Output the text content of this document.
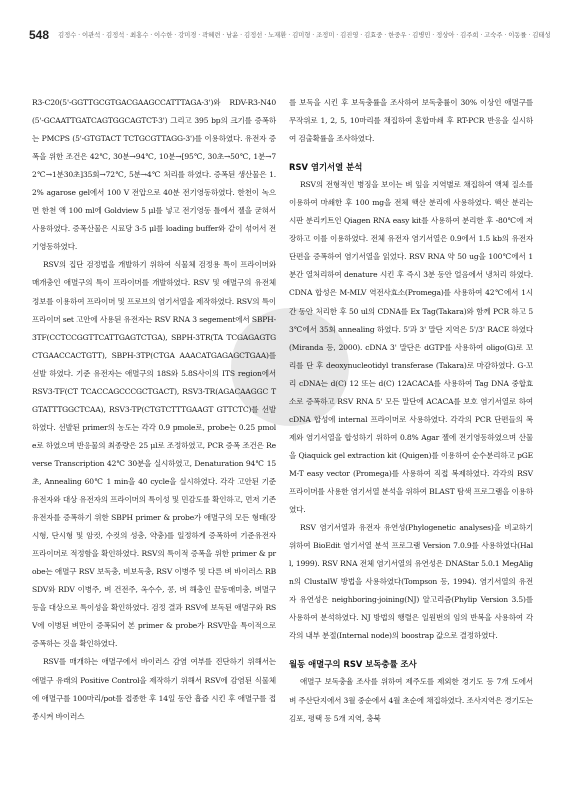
548 김정수 · 이관석 · 김정석 · 최홍수 · 이수한 · 강미경 · 곽혜련 · 남윤 · 김정선 · 노재환 · 김미형 · 조정미 · 김진영 · 김효중 · 한중우 · 김병민 · 정상아 · 김주희 · 고숙주 · 이동률 · 김태성

R3-C20(5'-GGTTGCGTGACGAAGCCATTTAGA-3')와 RDV-R3-N40(5'-GCAATTGATCAGTGGCAGTCT-3') 그리고 395 bp의 크기를 증폭하는 PMCPS (5'-GTGTACT TCTGCGTTAGG-3')를 이용하였다. 유전자 증폭을 위한 조건은 42℃, 30분→94℃, 10분→[95℃, 30초→50℃, 1분→72℃→1분30초]35회→72℃, 5분→4℃ 처리를 하였다. 증폭된 생산물은 1.2% agarose gel에서 100 V 전압으로 40분 전기영동하였다. 한천이 녹으면 한천 액 100 ml에 Goldview 5 μl를 넣고 전기영동 틀에서 젤을 굳혀서 사용하였다. 증폭산물은 시료당 3-5 μl를 loading buffer와 같이 섞어서 전기영동하였다.

RSV의 집단 검정법을 개발하기 위하여 식물체 검정용 특이 프라이머와 매개충인 애멸구의 특이 프라이머를 개발하였다. RSV 및 애멸구의 유전체 정보를 이용하여 프라이머 및 프로브의 염기서열을 제작하였다. RSV의 특이 프라이머 set 고안에 사용된 유전자는 RSV RNA 3 segement에서 SBPH-3TF(CCTCCGGTTCATTGAGTCTGA), SBPH-3TR(TA TCGAGAGTGCTGAACCACTGTT), SBPH-3TP(CTGA AAACATGAGAGCTGAA)를 선발 하였다. 기준 유전자는 애멸구의 18S와 5.8S사이의 ITS region에서 RSV3-TF(CT TCACCAGCCCGCTGACT), RSV3-TR(AGACAAGGC TGTATTTGGCTCAA), RSV3-TP(CTGTCTTTGAAGT GTTCTC)를 선발하였다. 선발된 primer의 농도는 각각 0.9 pmole로, probe는 0.25 pmole로 하였으며 반응물의 최종량은 25 μl로 조정하였고, PCR 증폭 조건은 Reverse Transcription 42℃ 30분을 실시하였고, Denaturation 94℃ 15초, Annealing 60℃ 1 min을 40 cycle을 실시하였다. 각각 고안된 기준 유전자와 대상 유전자의 프라이머의 특이성 및 민감도를 확인하고, 먼저 기존 유전자를 증폭하기 위한 SBPH primer & probe가 애멸구의 모든 형태(장시형, 단시형 및 암컷, 수컷의 성충, 약충)를 일정하게 증폭하여 기준유전자 프라이머로 적정함을 확인하였다. RSV의 특이적 증폭을 위한 primer & probe는 애멸구 RSV 보독충, 비보독충, RSV 이병주 및 다른 벼 바이러스 RBSDV와 RDV 이병주, 벼 건전주, 옥수수, 콩, 벼 해충인 끝동매미충, 벼멸구 등을 대상으로 특이성을 확인하였다. 검정 결과 RSV에 보독된 애멸구와 RSV에 이병된 벼만이 증폭되어 본 primer & probe가 RSV만을 특이적으로 증폭하는 것을 확인하였다.

RSV를 매개하는 애멸구에서 바이러스 감염 여부를 진단하기 위해서는 애멸구 유래의 Positive Control을 제작하기 위해서 RSV에 감염된 식물체에 애멸구를 100마리/pot를 접종한 후 14일 동안 흡즙 시킨 후 애멸구를 접종시켜 바이러스

를 보독을 시킨 후 보독충률을 조사하여 보독충률이 30% 이상인 애멸구를 무작위로 1, 2, 5, 10마리를 채집하여 혼합마쇄 후 RT-PCR 반응을 실시하여 검출확률을 조사하였다.

RSV 염기서열 분석

RSV의 전형적인 병징을 보이는 벼 잎을 지역별로 채집하여 액체 질소를 이용하여 마쇄한 후 100 mg을 전체 핵산 분리에 사용하였다. 핵산 분리는 시판 분리키트인 Qiagen RNA easy kit를 사용하여 분리한 후 -80℃에 저장하고 이를 이용하였다. 전체 유전자 염기서열은 0.9에서 1.5 kb의 유전자 단편을 증폭하여 염기서열을 읽었다. RSV RNA 약 50 ug을 100℃에서 1분간 열처리하여 denature 시킨 후 즉시 3분 동안 얼음에서 냉처리 하였다. CDNA 합성은 M-MLV 역전사효소(Promega)를 사용하여 42℃에서 1시간 동안 처리한 후 50 ul의 CDNA를 Ex Tag(Takara)와 함께 PCR 하고 53℃에서 35회 annealing 하였다. 5'과 3' 말단 지역은 5'/3' RACE 하였다 (Miranda 등, 2000). cDNA 3' 말단은 dGTP를 사용하여 oligo(G)로 꼬리를 단 후 deoxynucleotidyl transferase (Takara)로 마감하였다. G-꼬리 cDNA는 d(C) 12 또는 d(C) 12ACACA를 사용하여 Tag DNA 중합효소로 증폭하고 RSV RNA 5' 모든 말단에 ACACA를 보호 염기서열로 하여 cDNA 합성에 internal 프라이머로 사용하였다. 각각의 PCR 단편들의 복제와 염기서열을 합성하기 위하여 0.8% Agar 젤에 전기영동하였으며 산물을 Qiaquick gel extraction kit (Quigen)를 이용하여 순수분리하고 pGEM-T easy vector (Promega)를 사용하여 직접 복제하였다. 각각의 RSV 프라이머를 사용한 염기서열 분석을 위하여 BLAST 탐색 프로그램을 이용하였다.

RSV 염기서열과 유전자 유연성(Phylogenetic analyses)을 비교하기 위하여 BioEdit 염기서열 분석 프로그램 Version 7.0.9를 사용하였다(Hall, 1999). RSV RNA 전체 염기서열의 유연성은 DNAStar 5.0.1 MegAlign의 ClustalW 방법을 사용하였다(Tompson 등, 1994). 염기서열의 유전자 유연성은 neighboring-joining(NJ) 알고리즘(Phylip Version 3.5)를 사용하여 분석하였다. NJ 방법의 행렬은 일원번의 임의 반복을 사용하여 각각의 내부 분절(Internal node)의 boostrap 값으로 결정하였다.

월동 애멸구의 RSV 보독충률 조사

애멸구 보독충율 조사를 위하여 제주도를 제외한 경기도 등 7개 도에서 벼 주산단지에서 3월 중순에서 4월 초순에 채집하였다. 조사지역은 경기도는 김포, 평택 등 5개 지역, 충북
